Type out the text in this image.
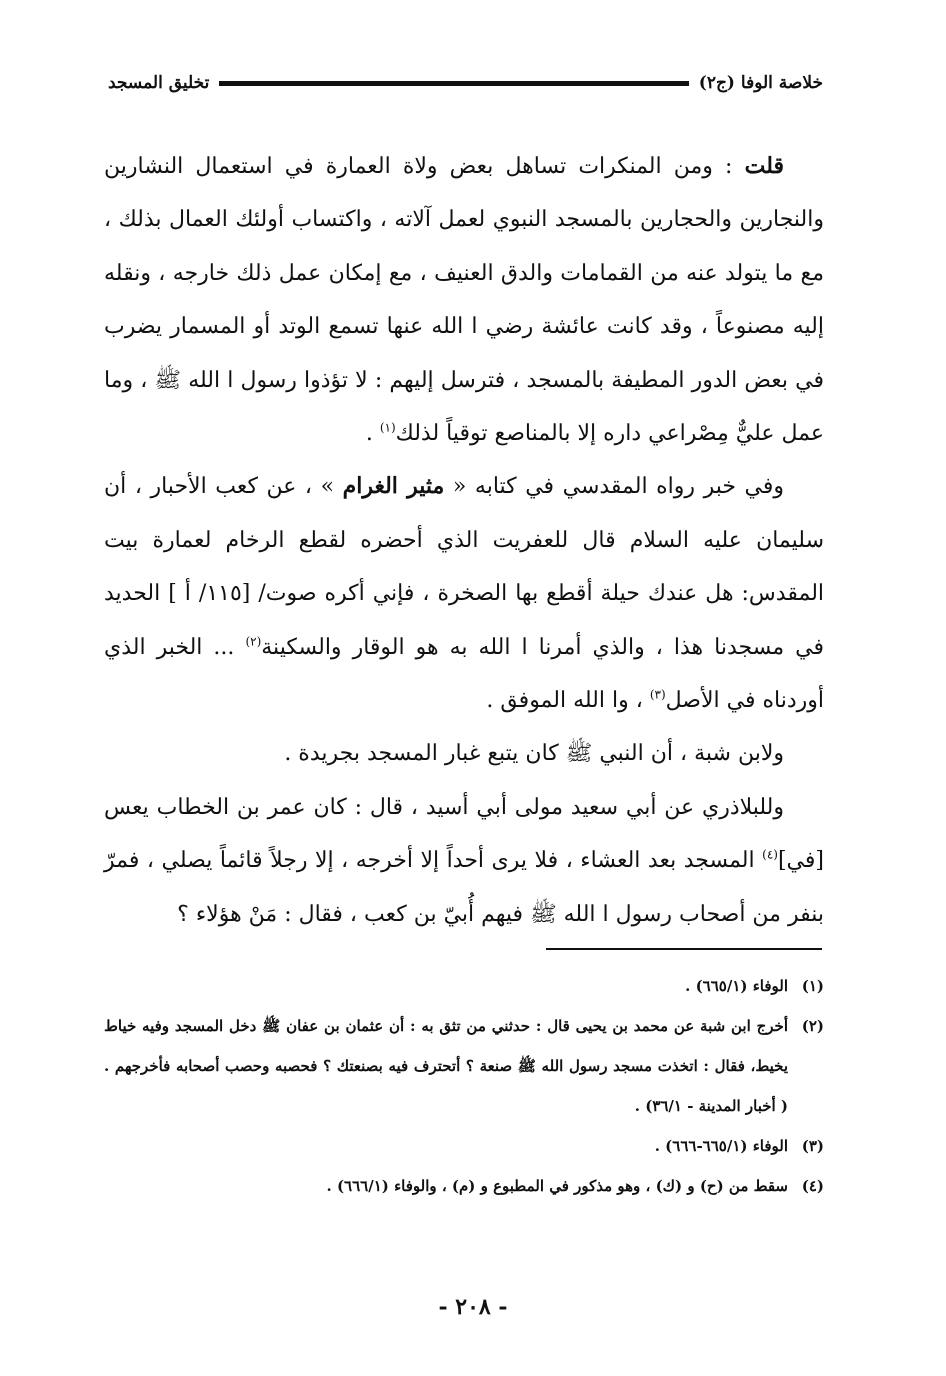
خلاصة الوفا (ج٢)
تخليق المسجد

قلت : ومن المنكرات تساهل بعض ولاة العمارة في استعمال النشارين والنجارين والحجارين بالمسجد النبوي لعمل آلاته ، واكتساب أولئك العمال بذلك ، مع ما يتولد عنه من القمامات والدق العنيف ، مع إمكان عمل ذلك خارجه ، ونقله إليه مصنوعاً ، وقد كانت عائشة رضي ا الله عنها تسمع الوتد أو المسمار يضرب في بعض الدور المطيفة بالمسجد ، فترسل إليهم : لا تؤذوا رسول ا الله ﷺ ، وما عمل عليٌّ مِصْراعي داره إلا بالمناصع توقياً لذلك$^{(١)}$ .

وفي خبر رواه المقدسي في كتابه « مثير الغرام » ، عن كعب الأحبار ، أن سليمان عليه السلام قال للعفريت الذي أحضره لقطع الرخام لعمارة بيت المقدس: هل عندك حيلة أقطع بها الصخرة ، فإني أكره صوت/ [١١٥/ أ ] الحديد في مسجدنا هذا ، والذي أمرنا ا الله به هو الوقار والسكينة$^{(٢)}$ ... الخبر الذي أوردناه في الأصل$^{(٣)}$ ، وا الله الموفق .

ولابن شبة ، أن النبي ﷺ كان يتبع غبار المسجد بجريدة .

وللبلاذري عن أبي سعيد مولى أبي أسيد ، قال : كان عمر بن الخطاب يعس [في]$^{(٤)}$ المسجد بعد العشاء ، فلا يرى أحداً إلا أخرجه ، إلا رجلاً قائماً يصلي ، فمرّ بنفر من أصحاب رسول ا الله ﷺ فيهم أُبيّ بن كعب ، فقال : مَنْ هؤلاء ؟

(١)الوفاء (٦٦٥/١) .

(٢)أخرج ابن شبة عن محمد بن يحيى قال : حدثني من تثق به : أن عثمان بن عفان ﷺ دخل المسجد وفيه خياط يخيط، فقال : اتخذت مسجد رسول الله ﷺ صنعة ؟ أتحترف فيه بصنعتك ؟ فحصبه وحصب أصحابه فأخرجهم . ( أخبار المدينة - ٣٦/١) .

(٣)الوفاء (٦٦٥/١-٦٦٦) .

(٤)سقط من (ح) و (ك) ، وهو مذكور في المطبوع و (م) ، والوفاء (٦٦٦/١) .

- ٢٠٨ -
